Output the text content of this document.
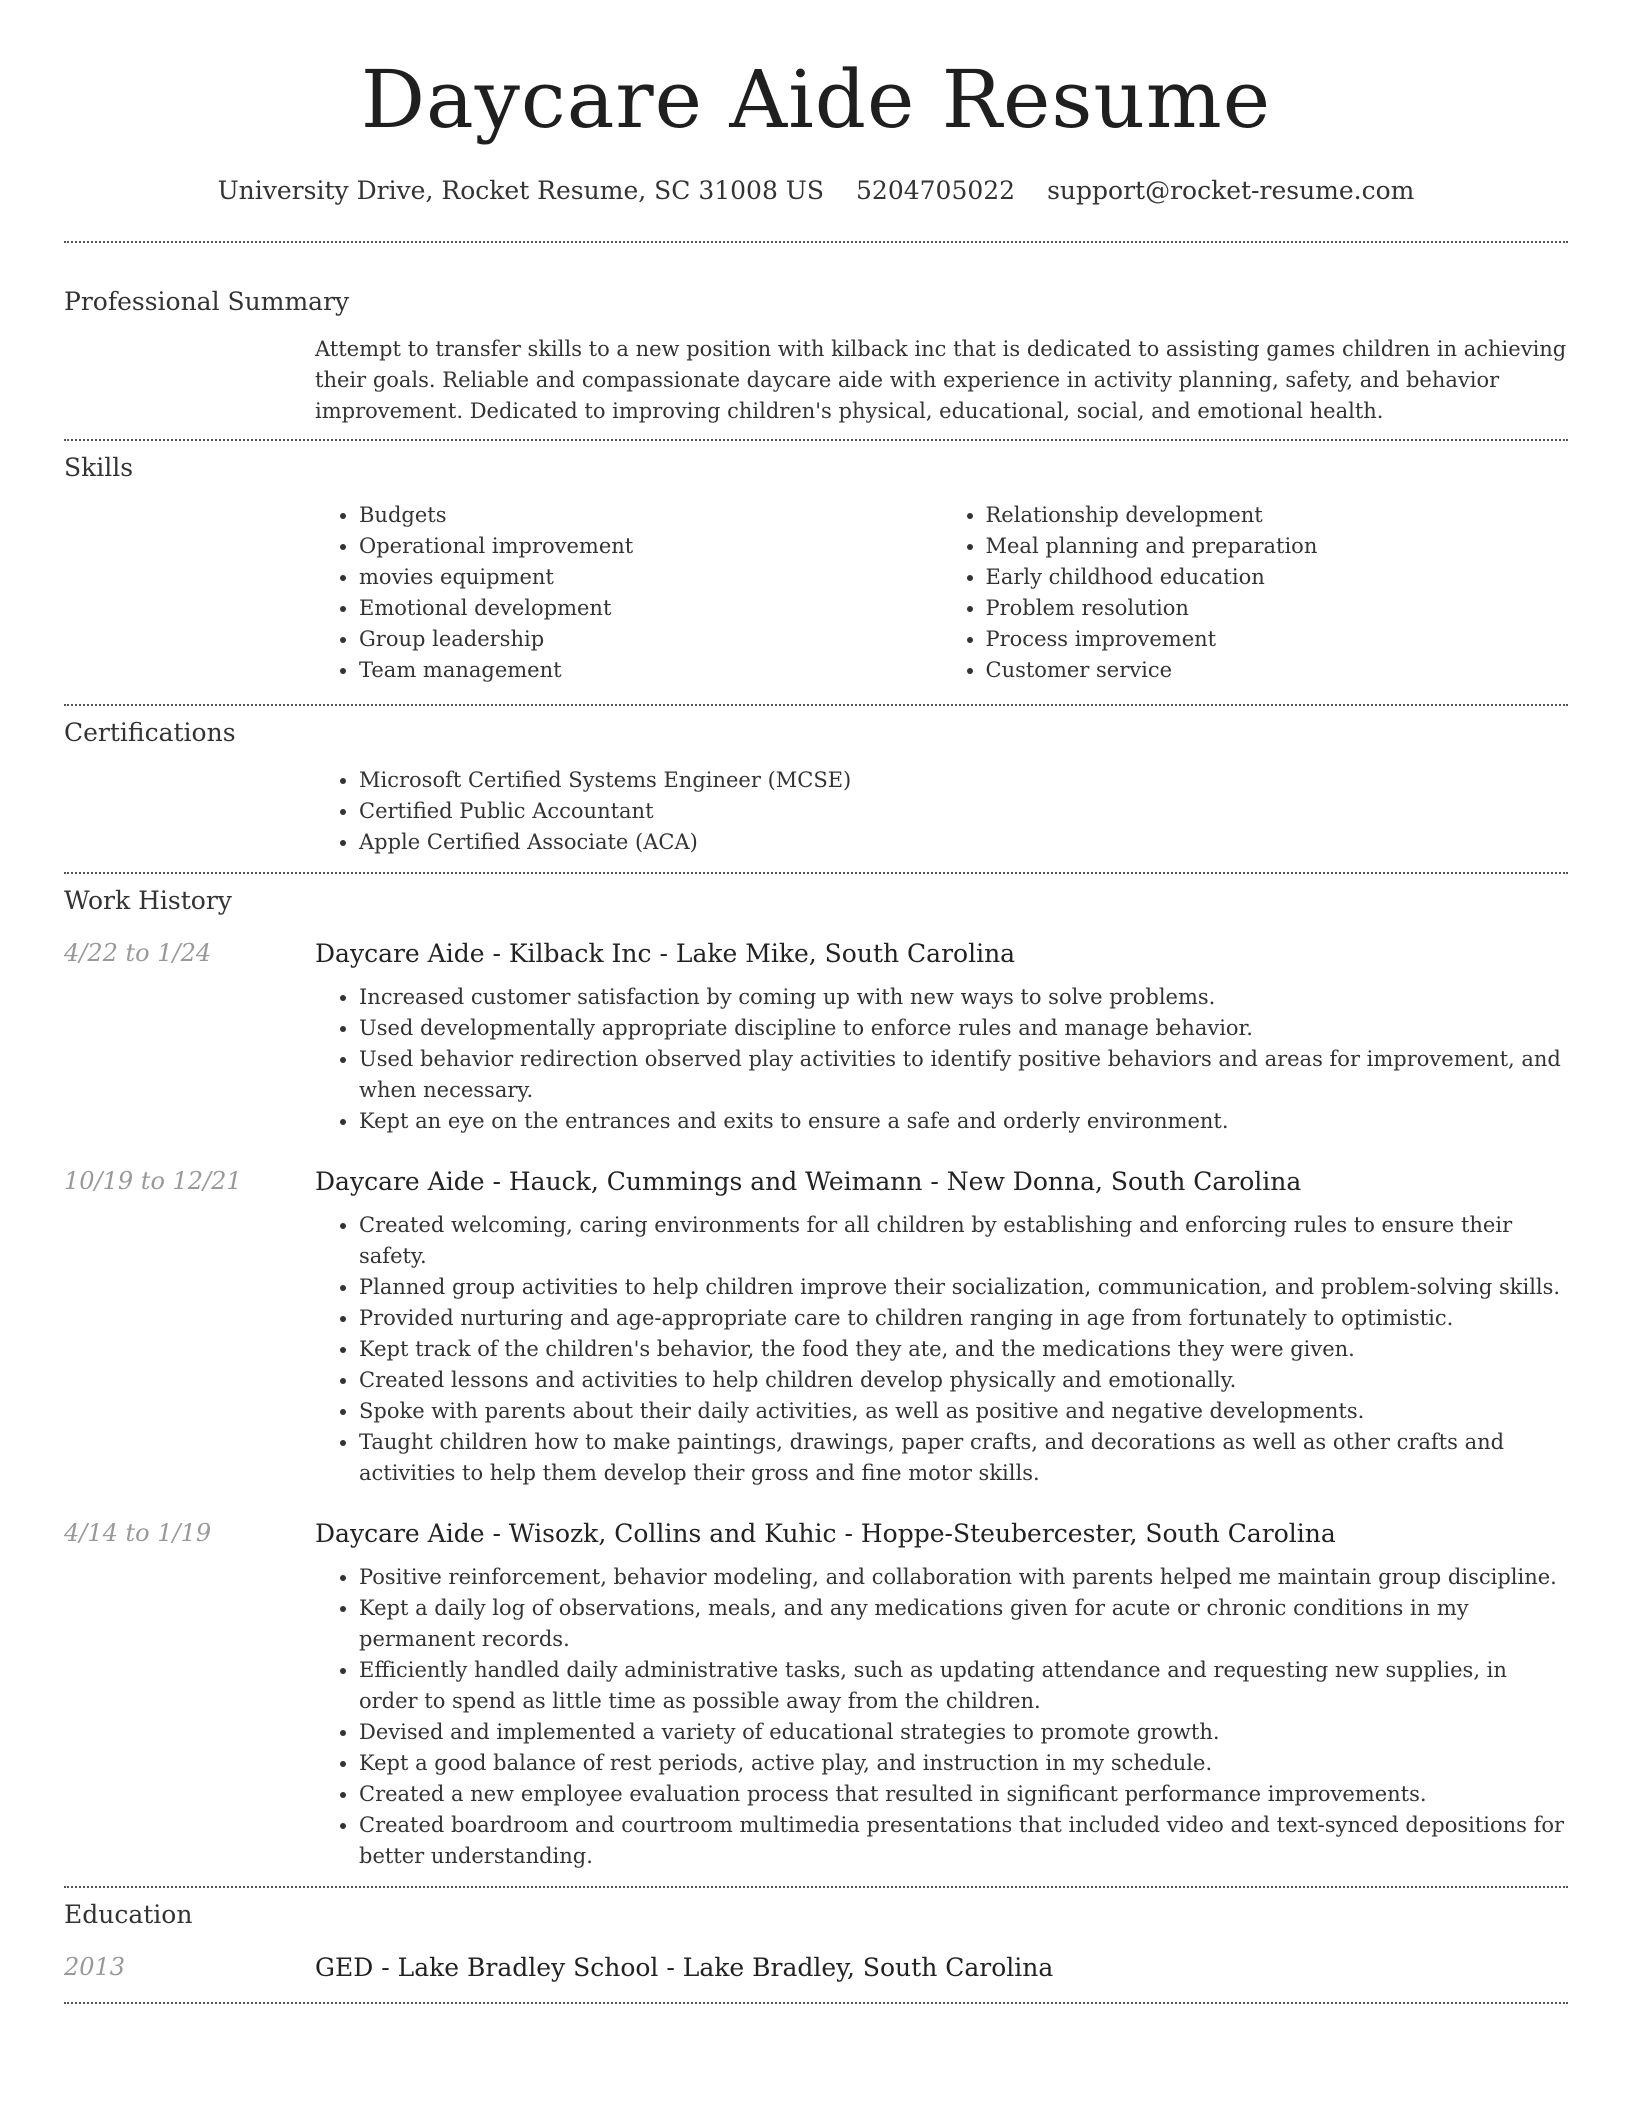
Daycare Aide Resume
University Drive, Rocket Resume, SC 31008 US 5204705022 support@rocket-resume.com
Professional Summary
Attempt to transfer skills to a new position with kilback inc that is dedicated to assisting games children in achieving their goals. Reliable and compassionate daycare aide with experience in activity planning, safety, and behavior improvement. Dedicated to improving children's physical, educational, social, and emotional health.
Skills
• Budgets
• Operational improvement
• movies equipment
• Emotional development
• Group leadership
• Team management
• Relationship development
• Meal planning and preparation
• Early childhood education
• Problem resolution
• Process improvement
• Customer service
Certifications
• Microsoft Certified Systems Engineer (MCSE)
• Certified Public Accountant
• Apple Certified Associate (ACA)
Work History
4/22 to 1/24	Daycare Aide - Kilback Inc - Lake Mike, South Carolina
• Increased customer satisfaction by coming up with new ways to solve problems.
• Used developmentally appropriate discipline to enforce rules and manage behavior.
• Used behavior redirection observed play activities to identify positive behaviors and areas for improvement, and when necessary.
• Kept an eye on the entrances and exits to ensure a safe and orderly environment.
10/19 to 12/21	Daycare Aide - Hauck, Cummings and Weimann - New Donna, South Carolina
• Created welcoming, caring environments for all children by establishing and enforcing rules to ensure their safety.
• Planned group activities to help children improve their socialization, communication, and problem-solving skills.
• Provided nurturing and age-appropriate care to children ranging in age from fortunately to optimistic.
• Kept track of the children's behavior, the food they ate, and the medications they were given.
• Created lessons and activities to help children develop physically and emotionally.
• Spoke with parents about their daily activities, as well as positive and negative developments.
• Taught children how to make paintings, drawings, paper crafts, and decorations as well as other crafts and activities to help them develop their gross and fine motor skills.
4/14 to 1/19	Daycare Aide - Wisozk, Collins and Kuhic - Hoppe-Steubercester, South Carolina
• Positive reinforcement, behavior modeling, and collaboration with parents helped me maintain group discipline.
• Kept a daily log of observations, meals, and any medications given for acute or chronic conditions in my permanent records.
• Efficiently handled daily administrative tasks, such as updating attendance and requesting new supplies, in order to spend as little time as possible away from the children.
• Devised and implemented a variety of educational strategies to promote growth.
• Kept a good balance of rest periods, active play, and instruction in my schedule.
• Created a new employee evaluation process that resulted in significant performance improvements.
• Created boardroom and courtroom multimedia presentations that included video and text-synced depositions for better understanding.
Education
2013	GED - Lake Bradley School - Lake Bradley, South Carolina
